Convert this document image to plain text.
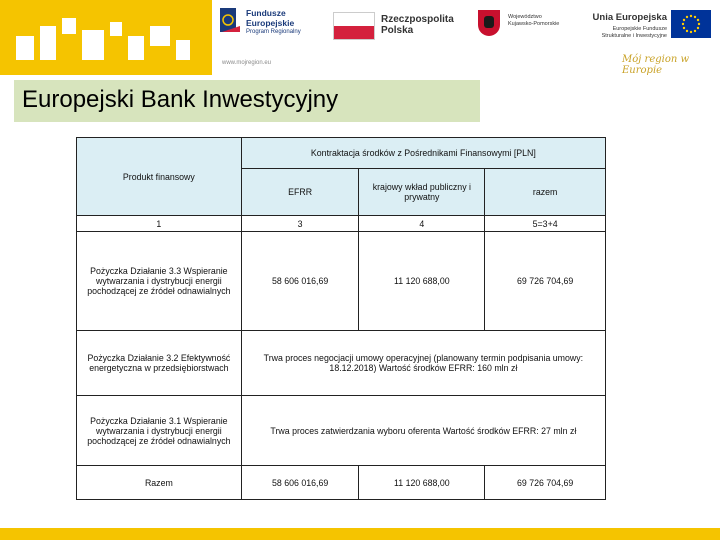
Fundusze
Europejskie
Program Regionalny
Rzeczpospolita
Polska
Województwo
Kujawsko-Pomorskie
Unia Europejska
Europejskie Fundusze
Strukturalne i Inwestycyjne
www.mojregion.eu	Mój region w Europie
Europejski Bank Inwestycyjny
Produkt finansowy	Kontraktacja środków z Pośrednikami Finansowymi [PLN]		
	EFRR	krajowy wkład publiczny i prywatny	razem
1	3	4	5=3+4
Pożyczka Działanie 3.3 Wspieranie wytwarzania i dystrybucji energii pochodzącej ze źródeł odnawialnych	58 606 016,69	11 120 688,00	69 726 704,69
Pożyczka Działanie 3.2 Efektywność energetyczna w przedsiębiorstwach	Trwa proces negocjacji umowy operacyjnej (planowany termin podpisania umowy: 18.12.2018) Wartość środków EFRR: 160 mln zł		
Pożyczka Działanie 3.1 Wspieranie wytwarzania i dystrybucji energii pochodzącej ze źródeł odnawialnych	Trwa proces zatwierdzania wyboru oferenta Wartość środków EFRR: 27 mln zł		
Razem	58 606 016,69	11 120 688,00	69 726 704,69
